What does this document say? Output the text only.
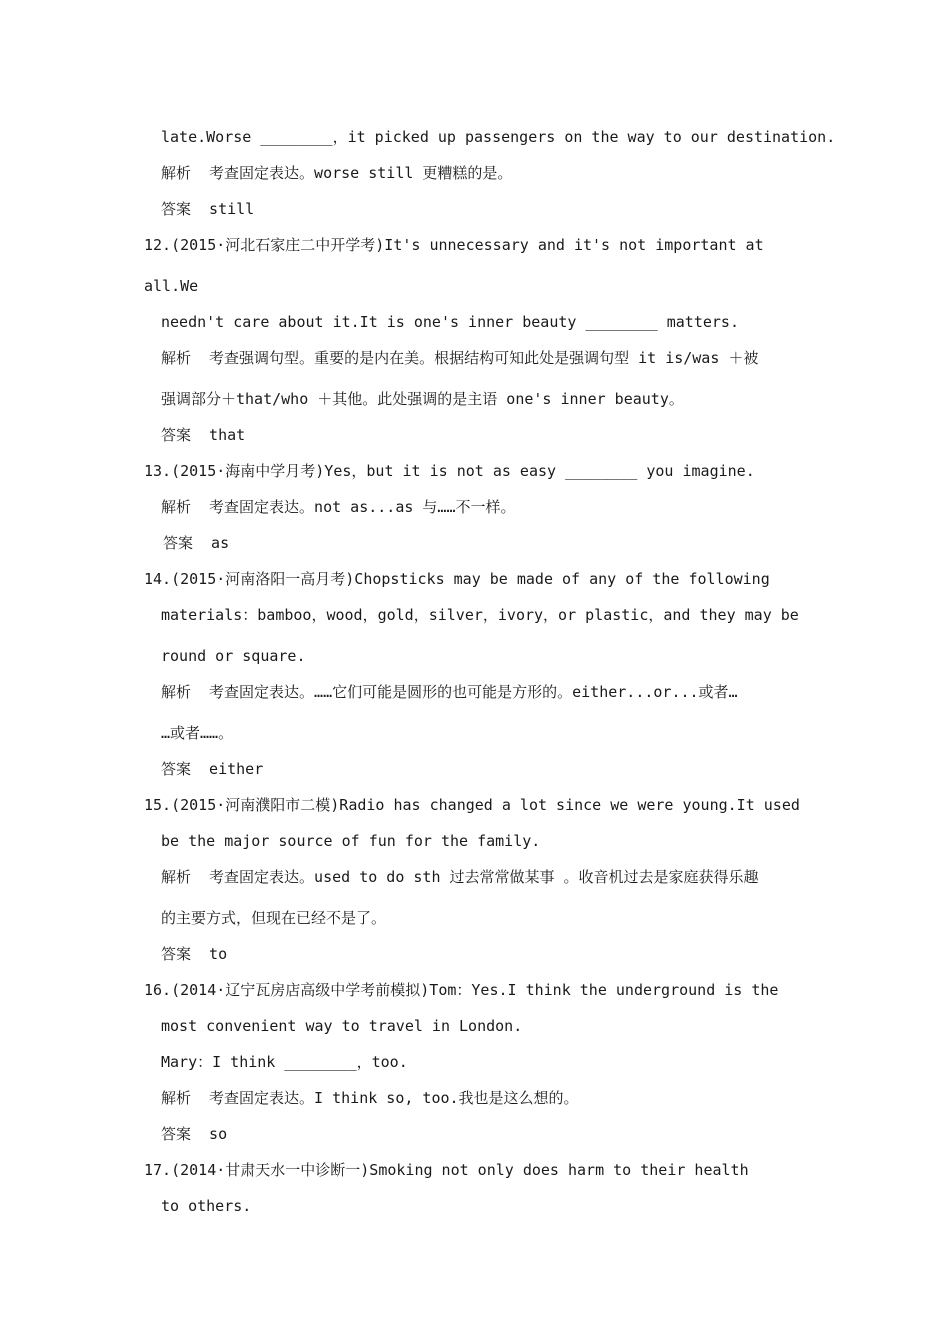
late.Worse ________，it picked up passengers on the way to our destination.
解析  考查固定表达。worse still 更糟糕的是。
答案  still
12.(2015·河北石家庄二中开学考)It's unnecessary and it's not important at
all.We
needn't care about it.It is one's inner beauty ________ matters.
解析  考查强调句型。重要的是内在美。根据结构可知此处是强调句型 it is/was ＋被
强调部分＋that/who ＋其他。此处强调的是主语 one's inner beauty。
答案  that
13.(2015·海南中学月考)Yes，but it is not as easy ________ you imagine.
解析  考查固定表达。not as...as 与……不一样。
答案  as
14.(2015·河南洛阳一高月考)Chopsticks may be made of any of the following
materials：bamboo，wood，gold，silver，ivory，or plastic，and they may be
round or square.
解析  考查固定表达。……它们可能是圆形的也可能是方形的。either...or...或者…
…或者……。
答案  either
15.(2015·河南濮阳市二模)Radio has changed a lot since we were young.It used
be the major source of fun for the family.
解析  考查固定表达。used to do sth 过去常常做某事 。收音机过去是家庭获得乐趣
的主要方式，但现在已经不是了。
答案  to
16.(2014·辽宁瓦房店高级中学考前模拟)Tom：Yes.I think the underground is the
most convenient way to travel in London.
Mary：I think ________，too.
解析  考查固定表达。I think so, too.我也是这么想的。
答案  so
17.(2014·甘肃天水一中诊断一)Smoking not only does harm to their health
to others.
